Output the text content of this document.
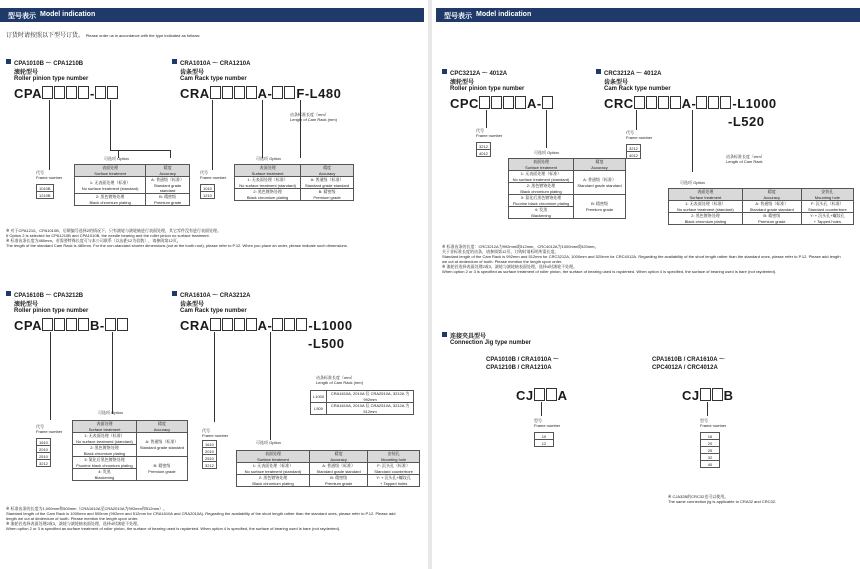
型号表示 Model indication
订货时请按照以下型号订货。 Please order us in accordance with the type indicated as follows:
CPA1010B ～ CPA1210B
滚轮型号
Roller pinion type number
CPA	-
可选项 Option
代号
Frame number
1010B
1210B
表面处理
Surface treatment	精度
Accuracy
1: 无表面处理（标准）
No surface treatment (standard)	A: 普通级（标准）
Standard grade
standard
2: 黑色镀铬处理
Black chromium plating	B: 精密级
Premium grade
CRA1010A ～ CRA1210A
齿条型号
Cam Rack type number
CRA	A- F-L480
齿条标准长度（mm）
Length of Cam Rack (mm)
可选项 Option
代号
Frame number
1010
1210
表面处理
Surface treatment	精度
Accuracy
1: 无表面处理（标准）
No surface treatment (standard)	A: 普通级（标准）
Standard grade standard
2: 黑色镀铬处理
Black chromium plating	B: 精密级
Premium grade
※ 对于CPA1210、CPA1010B，后缀编号选择2的情况下，只有滚轮与滚轮轴进行表面处理，其它零件没有进行表面处理。
If Option 2 is selected for CPA1210B and CPA1010B, the needle bearing and the roller pinion no surface treatment.
※ 标准齿条长度为480mm，若需要特殊长度可与本公司联系（以齿距12为倍数），请参阅第12页。
The length of the standard Cam Rack is 480mm. For the non-standard shorter dimensions (cut at the tooth root), please refer to P.12. When you place an order, please indicate such dimensions.
CPA1610B ～ CPA3212B
滚轮型号
Roller pinion type number
CPA	B-
可选项 Option
代号
Frame number
1610
2010
2510
3212
表面处理
Surface treatment	精度
Accuracy
1: 无表面处理（标准）
No surface treatment (standard)	A: 普通级（标准）
Standard grade standard
2: 黑色镀铬处理
Black chromium plating	
3: 氮化后黑色镀铬处理
Fluorine black chromium plating	B: 精密级
Premium grade
4: 发黑
Blackening	
CRA1610A ～ CRA3212A
齿条型号
Cam Rack type number
CRA	A-	-L1000
-L500
齿条标准长度（mm）
Length of Cam Rack (mm)
L1000	CRA1610A, 2010A 仅 CRA2510A, 3212A 为 992mm
L500	CRA1610A, 2010A 仅 CRA2510A, 3212A 为 512mm
可选项 Option
代号
Frame number
1610
2010
2510
3212
表面处理
Surface treatment	精度
Accuracy	安装孔
Mounting hole
1: 无表面处理（标准）
No surface treatment (standard)	A: 普通级（标准）
Standard grade standard	F: 沉头孔（标准）
Standard counterbore
2: 黑色镀铬处理
Black chromium plating	B: 精密级
Premium grade	Y: + 沉头孔+螺纹孔
+ Tapped holes
※ 标准齿条的长度为1,000mm和500mm（CRA1610A至CRA2010A为992mm和512mm）。
Standard length of the Cam Rack is 1000mm and 500mm (992mm and 512mm for CRA1610A and CRA2010A). Regarding the availability of the short length rather than the standard ones, please refer to P.12. Please add length we cut at dedendum of tooth. Please mention the length upon order.
※ 滚轮若选择表面处理2或3，滚轮与滚轮轴表面处理，选择4时滚轮不处理。
When option 2 or 3 is specified as surface treatment of roller pinion, the surface of bearing used is raydented. When option 4 is specified, the surface of bearing used is bare (not raydented).
型号表示 Model indication
CPC3212A ～ 4012A
滚轮型号
Roller pinion type number
CPC	A-
代号
Frame number
3212
4012	可选项 Option
表面处理
Surface treatment	精度
Accuracy
1: 无表面处理（标准）
No surface treatment (standard)	A: 普通级（标准）
Standard grade standard
2: 黑色镀铬处理
Black chromium plating	
3: 氮化后黑色镀铬处理
Fluorine black chromium plating	B: 精密级
Premium grade
4: 发黑
Blackening	
CRC3212A ～ 4012A
齿条型号
Cam Rack type number
CRC	A-	-L1000
-L520
齿条标准长度（mm）
Length of Cam Rack
代号
Frame number
3212
4012
可选项 Option
表面处理
Surface treatment	精度
Accuracy	安装孔
Mounting hole
1: 无表面处理（标准）
No surface treatment (standard)	A: 普通级（标准）
Standard grade standard	F: 沉头孔（标准）
Standard counterbore
2: 黑色镀铬处理
Black chromium plating	B: 精密级
Premium grade	Y: + 沉头孔+螺纹孔
+ Tapped holes
※ 标准齿条的长度：CRC3212A为992mm或512mm，CRC4012A为1000mm或520mm。
关于非标准长度的齿条，请参阅第12页，订购时请标明所需长度。
Standard length of the Cam Rack is 992mm and 512mm for CRC3212A, 1000mm and 520mm for CRC4012A. Regarding the availability of the short length rather than the standard ones, please refer to P.12. Please add length we cut at dedendum of tooth. Please mention the length upon order.
※ 滚轮若选择表面处理2或3，滚轮与滚轮轴表面处理，选择4时滚轮不处理。
When option 2 or 3 is specified as surface treatment of roller pinion, the surface of bearing used is raydented. When option 4 is specified, the surface of bearing used is bare (not raydented).
连接夹具型号
Connection Jig type number
CPA1010B / CRA1010A ～
CPA1210B / CRA1210A
CJ A
型号
Frame number
10
12
CPA1610B / CRA1610A ～
CPC4012A / CRC4012A
CJ B
型号
Frame number
16
20
25
32
40
※ CJA32B的CRC32也可以使用。
The same connection jig is applicable to CRA32 and CRC32.
